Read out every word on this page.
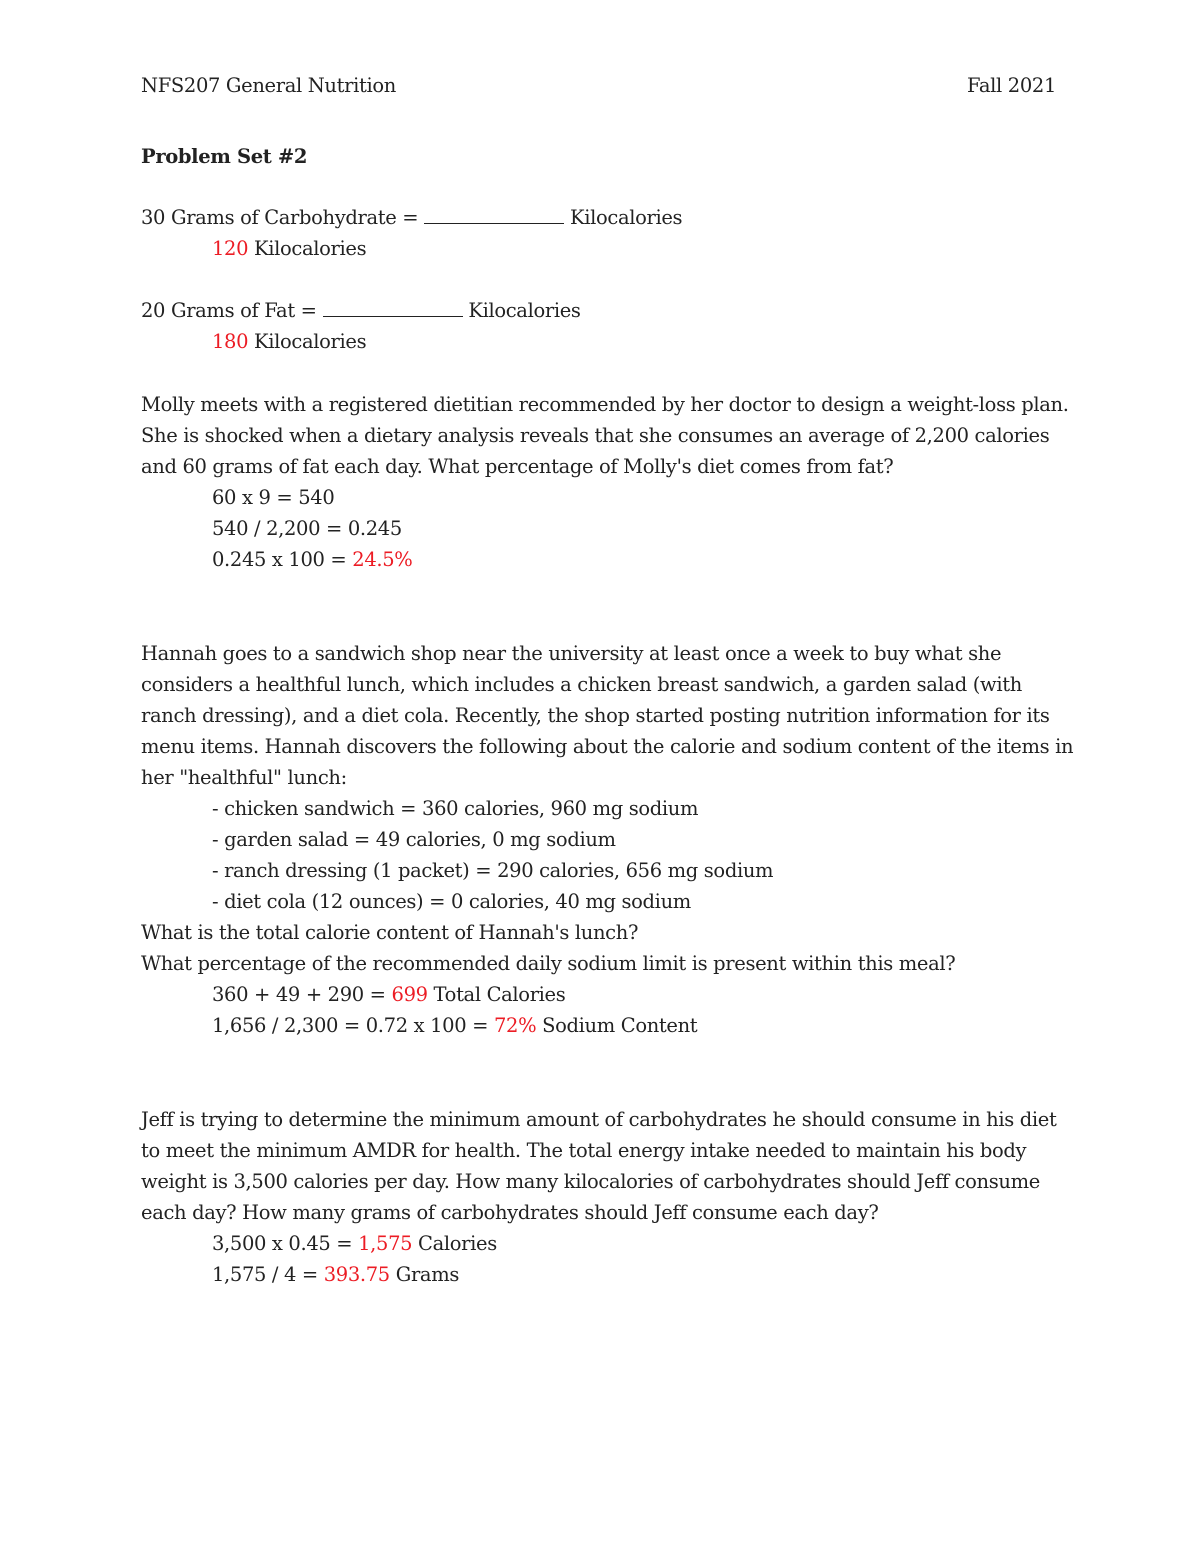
NFS207 General Nutrition	Fall 2021
Problem Set #2
30 Grams of Carbohydrate =	Kilocalories
120 Kilocalories
20 Grams of Fat =	Kilocalories
180 Kilocalories
Molly meets with a registered dietitian recommended by her doctor to design a weight-loss plan.
She is shocked when a dietary analysis reveals that she consumes an average of 2,200 calories
and 60 grams of fat each day. What percentage of Molly's diet comes from fat?
60 x 9 = 540
540 / 2,200 = 0.245
0.245 x 100 = 24.5%
Hannah goes to a sandwich shop near the university at least once a week to buy what she
considers a healthful lunch, which includes a chicken breast sandwich, a garden salad (with
ranch dressing), and a diet cola. Recently, the shop started posting nutrition information for its
menu items. Hannah discovers the following about the calorie and sodium content of the items in
her "healthful" lunch:
- chicken sandwich = 360 calories, 960 mg sodium
- garden salad = 49 calories, 0 mg sodium
- ranch dressing (1 packet) = 290 calories, 656 mg sodium
- diet cola (12 ounces) = 0 calories, 40 mg sodium
What is the total calorie content of Hannah's lunch?
What percentage of the recommended daily sodium limit is present within this meal?
360 + 49 + 290 = 699 Total Calories
1,656 / 2,300 = 0.72 x 100 = 72% Sodium Content
Jeff is trying to determine the minimum amount of carbohydrates he should consume in his diet
to meet the minimum AMDR for health. The total energy intake needed to maintain his body
weight is 3,500 calories per day. How many kilocalories of carbohydrates should Jeff consume
each day? How many grams of carbohydrates should Jeff consume each day?
3,500 x 0.45 = 1,575 Calories
1,575 / 4 = 393.75 Grams
